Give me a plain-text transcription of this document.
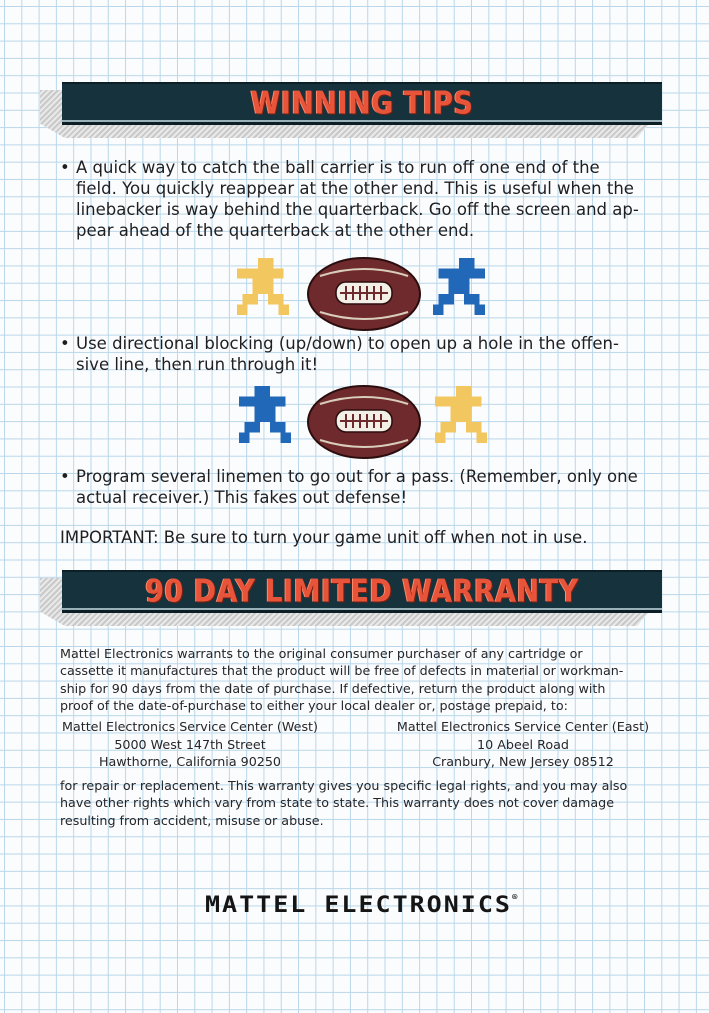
WINNING TIPS
• A quick way to catch the ball carrier is to run off one end of the
field. You quickly reappear at the other end. This is useful when the
linebacker is way behind the quarterback. Go off the screen and ap-
pear ahead of the quarterback at the other end.
• Use directional blocking (up/down) to open up a hole in the offen-
sive line, then run through it!
• Program several linemen to go out for a pass. (Remember, only one
actual receiver.) This fakes out defense!
IMPORTANT: Be sure to turn your game unit off when not in use.
90 DAY LIMITED WARRANTY
Mattel Electronics warrants to the original consumer purchaser of any cartridge or
cassette it manufactures that the product will be free of defects in material or workman-
ship for 90 days from the date of purchase. If defective, return the product along with
proof of the date-of-purchase to either your local dealer or, postage prepaid, to:
Mattel Electronics Service Center (West)
5000 West 147th Street
Hawthorne, California 90250
Mattel Electronics Service Center (East)
10 Abeel Road
Cranbury, New Jersey 08512
for repair or replacement. This warranty gives you specific legal rights, and you may also
have other rights which vary from state to state. This warranty does not cover damage
resulting from accident, misuse or abuse.
MATTEL ELECTRONICS®
